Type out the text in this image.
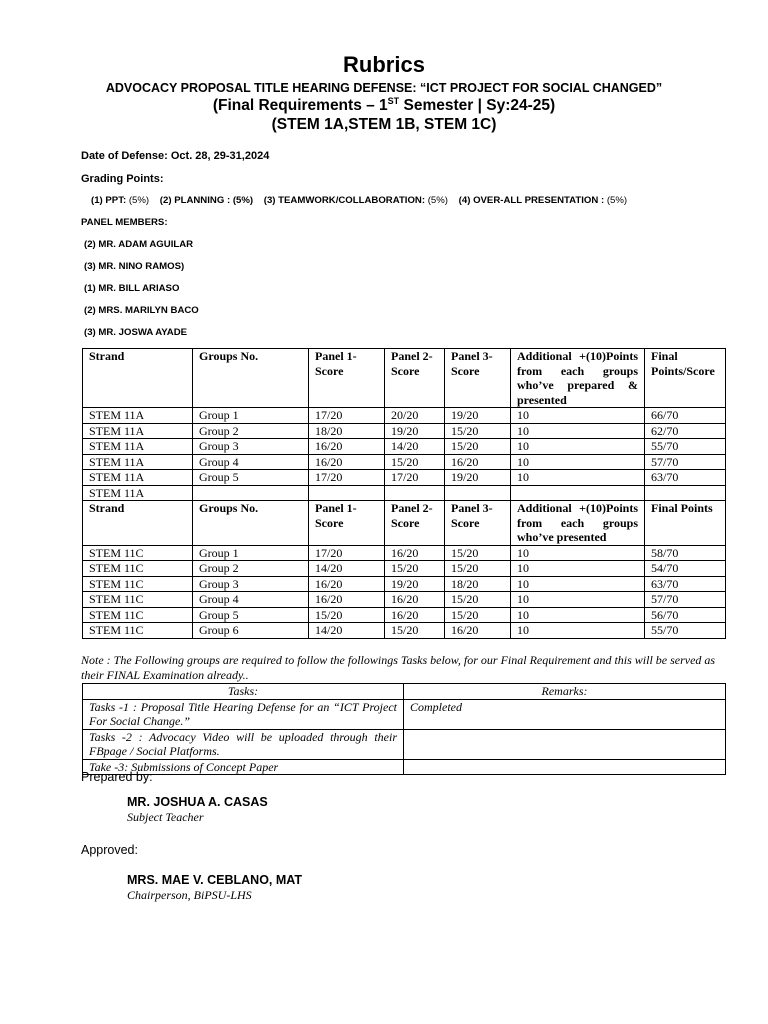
Rubrics
ADVOCACY PROPOSAL TITLE HEARING DEFENSE: “ICT PROJECT FOR SOCIAL CHANGED”
(Final Requirements – 1ST Semester | Sy:24-25)
(STEM 1A,STEM 1B, STEM 1C)
Date of Defense: Oct. 28, 29-31,2024
Grading Points:
(1) PPT: (5%) (2) PLANNING : (5%) (3) TEAMWORK/COLLABORATION: (5%) (4) OVER-ALL PRESENTATION : (5%)
PANEL MEMBERS:
(2) MR. ADAM AGUILAR
(3) MR. NINO RAMOS)
(1) MR. BILL ARIASO
(2) MRS. MARILYN BACO
(3) MR. JOSWA AYADE
Strand	Groups No.	Panel 1-Score	Panel 2-Score	Panel 3-Score	Additional +(10)Points from each groups who’ve prepared & presented	Final Points/Score
STEM 11A	Group 1	17/20	20/20	19/20	10	66/70
STEM 11A	Group 2	18/20	19/20	15/20	10	62/70
STEM 11A	Group 3	16/20	14/20	15/20	10	55/70
STEM 11A	Group 4	16/20	15/20	16/20	10	57/70
STEM 11A	Group 5	17/20	17/20	19/20	10	63/70
STEM 11A						
Strand	Groups No.	Panel 1-Score	Panel 2-Score	Panel 3-Score	Additional +(10)Points from each groups who’ve presented	Final Points
STEM 11C	Group 1	17/20	16/20	15/20	10	58/70
STEM 11C	Group 2	14/20	15/20	15/20	10	54/70
STEM 11C	Group 3	16/20	19/20	18/20	10	63/70
STEM 11C	Group 4	16/20	16/20	15/20	10	57/70
STEM 11C	Group 5	15/20	16/20	15/20	10	56/70
STEM 11C	Group 6	14/20	15/20	16/20	10	55/70
Note : The Following groups are required to follow the followings Tasks below, for our Final Requirement and this will be served as their FINAL Examination already..
Tasks:	Remarks:
Tasks -1 : Proposal Title Hearing Defense for an “ICT Project For Social Change.”	Completed
Tasks -2 : Advocacy Video will be uploaded through their FBpage / Social Platforms.	
Take -3: Submissions of Concept Paper	
Prepared by:
MR. JOSHUA A. CASAS
Subject Teacher
Approved:
MRS. MAE V. CEBLANO, MAT
Chairperson, BiPSU-LHS
